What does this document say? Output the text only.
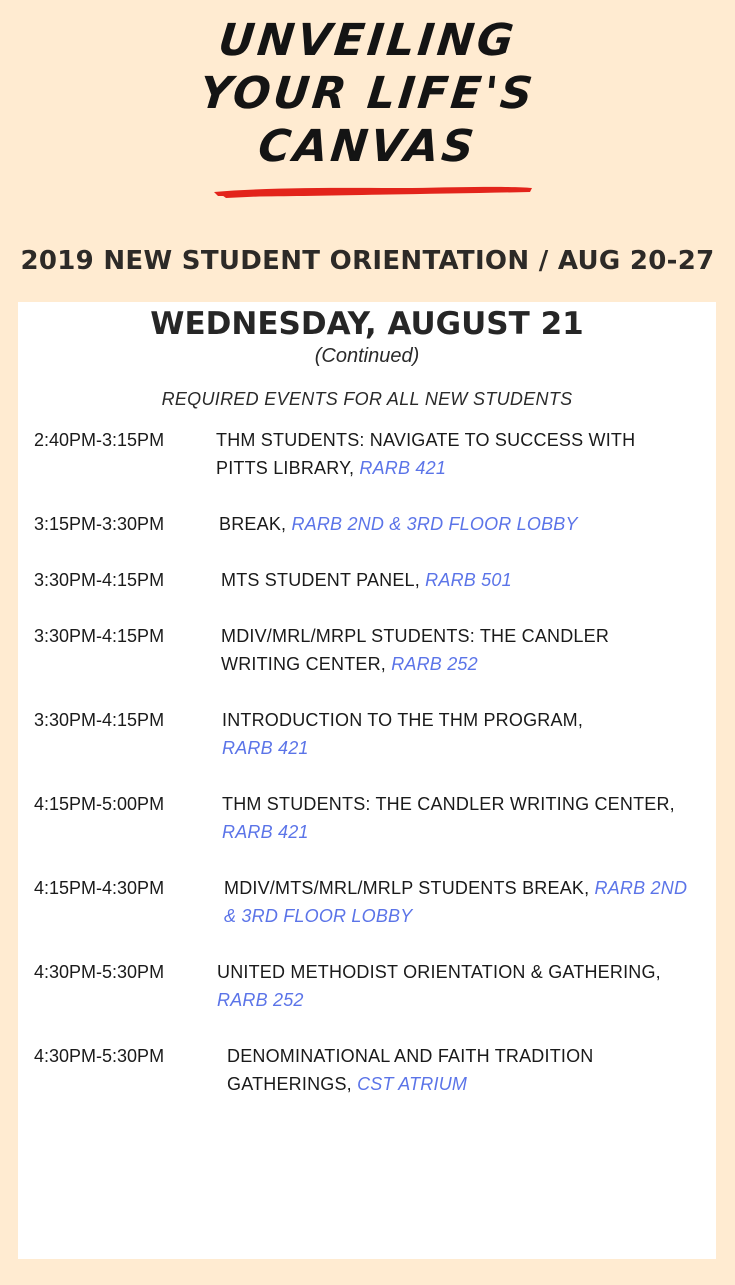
UNVEILING
YOUR LIFE'S
CANVAS
2019 NEW STUDENT ORIENTATION / AUG 20-27
WEDNESDAY, AUGUST 21
(Continued)
REQUIRED EVENTS FOR ALL NEW STUDENTS
2:40PM-3:15PM	THM STUDENTS: NAVIGATE TO SUCCESS WITH PITTS LIBRARY, RARB 421
3:15PM-3:30PM	BREAK, RARB 2ND & 3RD FLOOR LOBBY
3:30PM-4:15PM	MTS STUDENT PANEL, RARB 501
3:30PM-4:15PM	MDIV/MRL/MRPL STUDENTS: THE CANDLER WRITING CENTER, RARB 252
3:30PM-4:15PM	INTRODUCTION TO THE THM PROGRAM, RARB 421
4:15PM-5:00PM	THM STUDENTS: THE CANDLER WRITING CENTER, RARB 421
4:15PM-4:30PM	MDIV/MTS/MRL/MRLP STUDENTS BREAK, RARB 2ND & 3RD FLOOR LOBBY
4:30PM-5:30PM	UNITED METHODIST ORIENTATION & GATHERING, RARB 252
4:30PM-5:30PM	DENOMINATIONAL AND FAITH TRADITION GATHERINGS, CST ATRIUM
